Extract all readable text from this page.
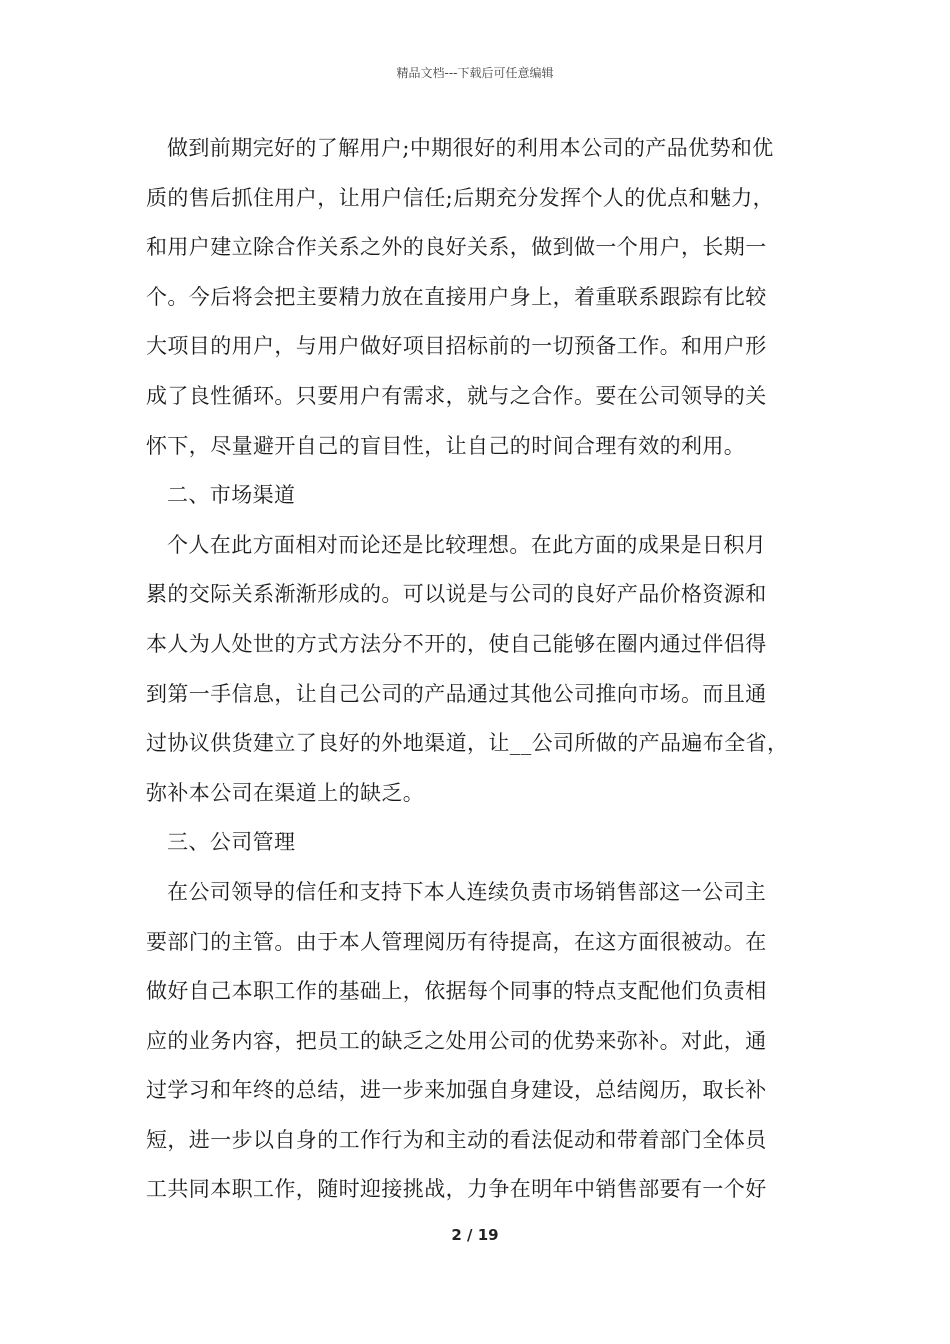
精品文档---下载后可任意编辑
做到前期完好的了解用户;中期很好的利用本公司的产品优势和优
质的售后抓住用户，让用户信任;后期充分发挥个人的优点和魅力，
和用户建立除合作关系之外的良好关系，做到做一个用户，长期一
个。今后将会把主要精力放在直接用户身上，着重联系跟踪有比较
大项目的用户，与用户做好项目招标前的一切预备工作。和用户形
成了良性循环。只要用户有需求，就与之合作。要在公司领导的关
怀下，尽量避开自己的盲目性，让自己的时间合理有效的利用。
二、市场渠道
个人在此方面相对而论还是比较理想。在此方面的成果是日积月
累的交际关系渐渐形成的。可以说是与公司的良好产品价格资源和
本人为人处世的方式方法分不开的，使自己能够在圈内通过伴侣得
到第一手信息，让自己公司的产品通过其他公司推向市场。而且通
过协议供货建立了良好的外地渠道，让__公司所做的产品遍布全省，
弥补本公司在渠道上的缺乏。
三、公司管理
在公司领导的信任和支持下本人连续负责市场销售部这一公司主
要部门的主管。由于本人管理阅历有待提高，在这方面很被动。在
做好自己本职工作的基础上，依据每个同事的特点支配他们负责相
应的业务内容，把员工的缺乏之处用公司的优势来弥补。对此，通
过学习和年终的总结，进一步来加强自身建设，总结阅历，取长补
短，进一步以自身的工作行为和主动的看法促动和带着部门全体员
工共同本职工作，随时迎接挑战，力争在明年中销售部要有一个好
2 / 19
